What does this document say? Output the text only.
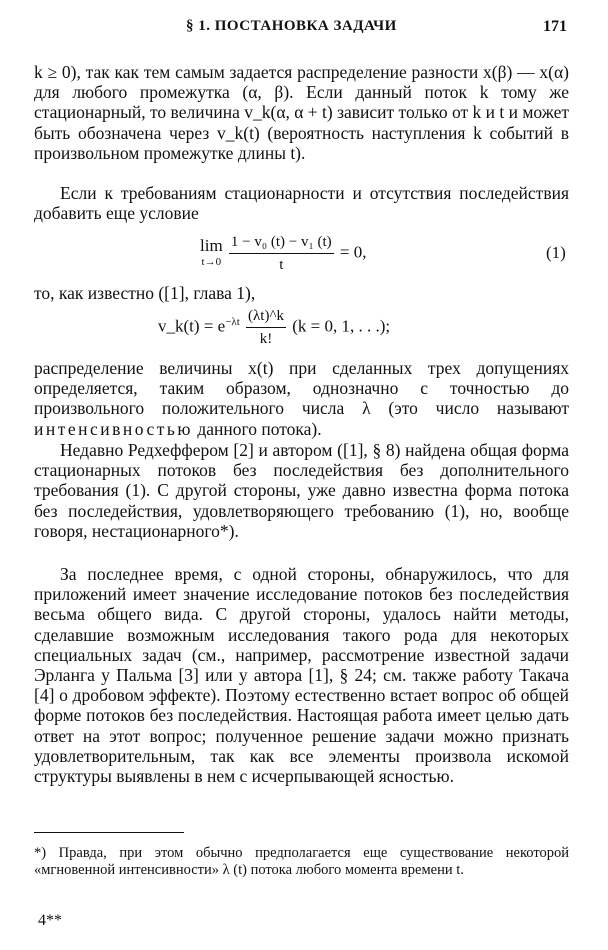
§ 1. ПОСТАНОВКА ЗАДАЧИ	171

k ≥ 0), так как тем самым задается распределение разности x(β) — x(α) для любого промежутка (α, β). Если данный поток k тому же стационарный, то величина v_k(α, α + t) зависит только от k и t и может быть обозначена через v_k(t) (вероятность наступления k событий в произвольном промежутке длины t).

Если к требованиям стационарности и отсутствия последействия добавить еще условие

lim
t→0
$\frac{\text{1 − v₀ (t) − v₁ (t)}}{t} = 0$,	(1)

то, как известно ([1], глава 1),

v_k(t) = $e^{-\lambda t} \frac{(\lambda t)\^{}k}{k!} (k = 0$, 1, . . .);

распределение величины x(t) при сделанных трех допущениях определяется, таким образом, однозначно с точностью до произвольного положительного числа λ (это число называют интенсивностью данного потока).

Недавно Редхеффером [2] и автором ([1], § 8) найдена общая форма стационарных потоков без последействия без дополнительного требования (1). С другой стороны, уже давно известна форма потока без последействия, удовлетворяющего требованию (1), но, вообще говоря, нестационарного*).

За последнее время, с одной стороны, обнаружилось, что для приложений имеет значение исследование потоков без последействия весьма общего вида. С другой стороны, удалось найти методы, сделавшие возможным исследования такого рода для некоторых специальных задач (см., например, рассмотрение известной задачи Эрланга у Пальма [3] или у автора [1], § 24; см. также работу Такача [4] о дробовом эффекте). Поэтому естественно встает вопрос об общей форме потоков без последействия. Настоящая работа имеет целью дать ответ на этот вопрос; полученное решение задачи можно признать удовлетворительным, так как все элементы произвола искомой структуры выявлены в нем с исчерпывающей ясностью.

*) Правда, при этом обычно предполагается еще существование некоторой «мгновенной интенсивности» λ (t) потока любого момента времени t.
4**
